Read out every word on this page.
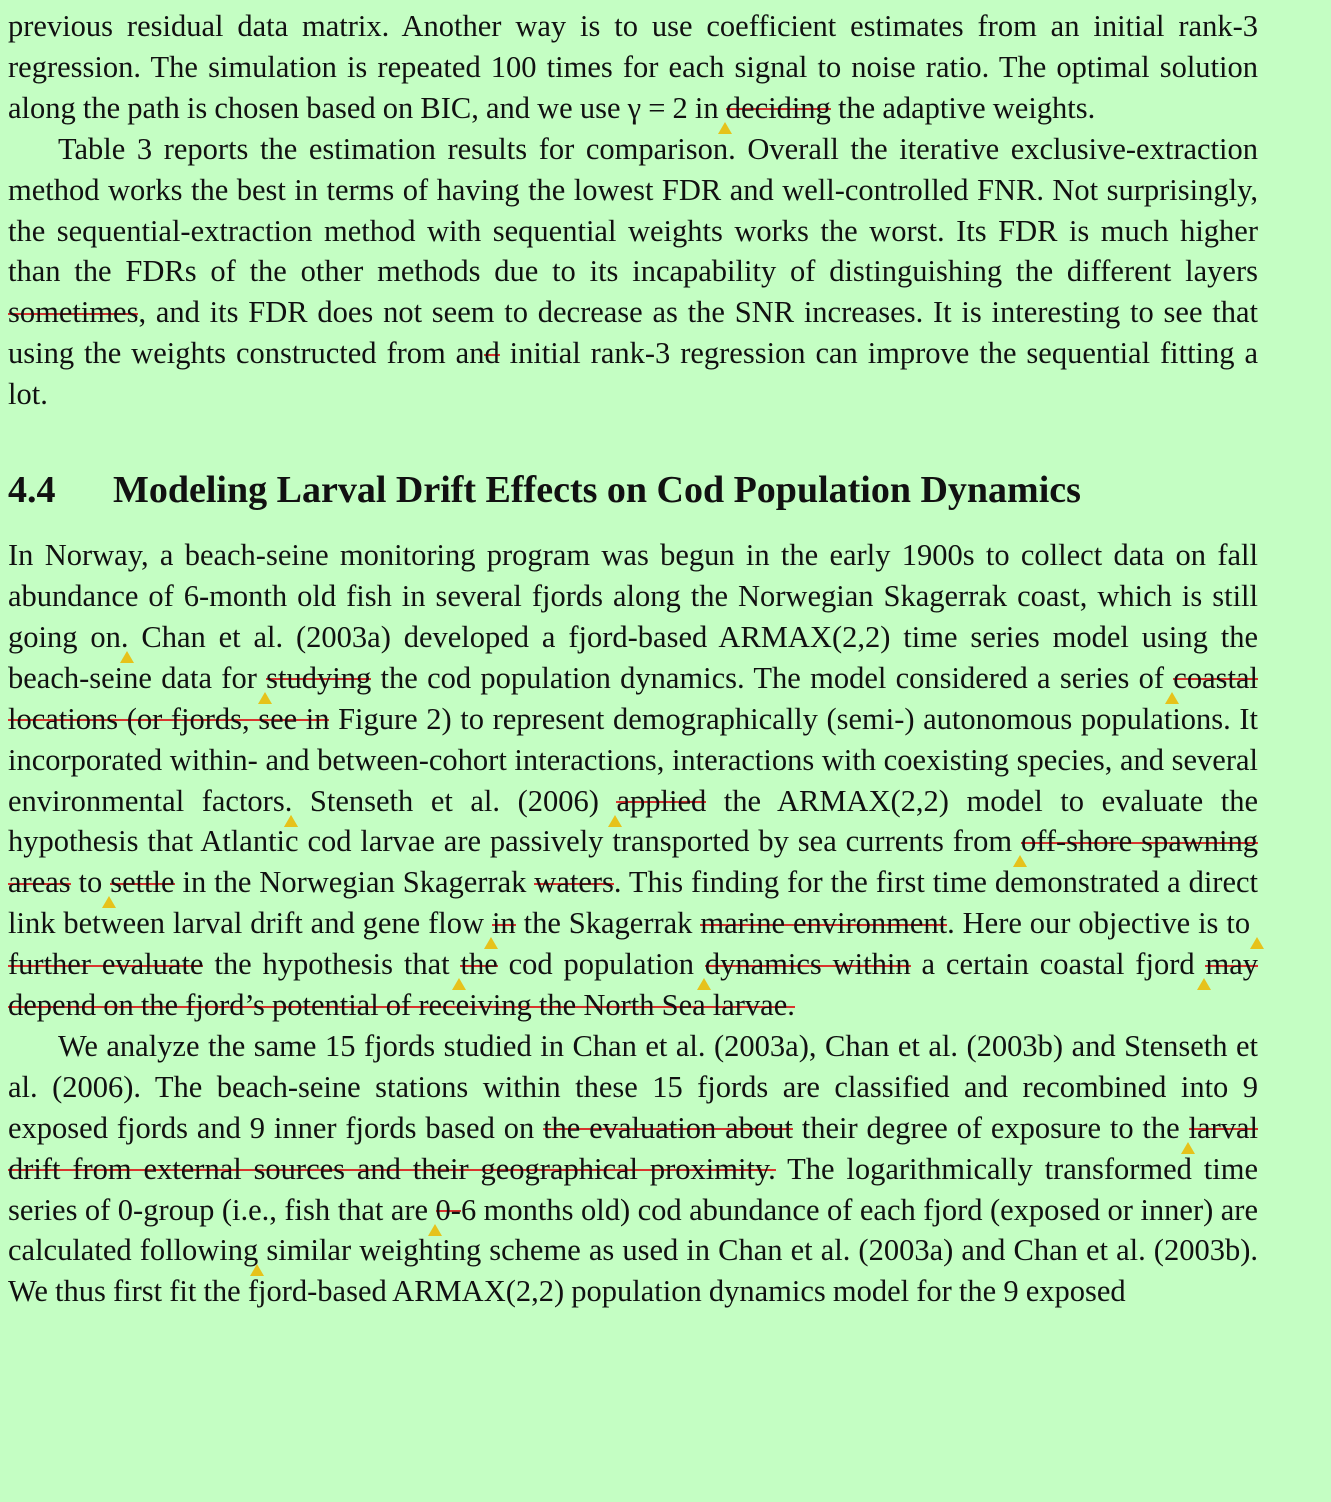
previous residual data matrix. Another way is to use coefficient estimates from an initial rank-3 regression. The simulation is repeated 100 times for each signal to noise ratio. The optimal solution along the path is chosen based on BIC, and we use γ = 2 in deciding the adaptive weights.

Table 3 reports the estimation results for comparison. Overall the iterative exclusive-extraction method works the best in terms of having the lowest FDR and well-controlled FNR. Not surprisingly, the sequential-extraction method with sequential weights works the worst. Its FDR is much higher than the FDRs of the other methods due to its incapability of distinguishing the different layers sometimes, and its FDR does not seem to decrease as the SNR increases. It is interesting to see that using the weights constructed from and initial rank-3 regression can improve the sequential fitting a lot.

4.4	Modeling Larval Drift Effects on Cod Population Dynamics

In Norway, a beach-seine monitoring program was begun in the early 1900s to collect data on fall abundance of 6-month old fish in several fjords along the Norwegian Skagerrak coast, which is still going on. Chan et al. (2003a) developed a fjord-based ARMAX(2,2) time series model using the beach-seine data for studying the cod population dynamics. The model considered a series of coastal locations (or fjords, see in Figure 2) to represent demographically (semi-) autonomous populations. It incorporated within- and between-cohort interactions, interactions with coexisting species, and several environmental factors. Stenseth et al. (2006) applied the ARMAX(2,2) model to evaluate the hypothesis that Atlantic cod larvae are passively transported by sea currents from off-shore spawning areas to settle in the Norwegian Skagerrak waters. This finding for the first time demonstrated a direct link between larval drift and gene flow in the Skagerrak marine environment. Here our objective is to further evaluate the hypothesis that the cod population dynamics within a certain coastal fjord may depend on the fjord’s potential of receiving the North Sea larvae.

We analyze the same 15 fjords studied in Chan et al. (2003a), Chan et al. (2003b) and Stenseth et al. (2006). The beach-seine stations within these 15 fjords are classified and recombined into 9 exposed fjords and 9 inner fjords based on the evaluation about their degree of exposure to the larval drift from external sources and their geographical proximity. The logarithmically transformed time series of 0-group (i.e., fish that are 0-6 months old) cod abundance of each fjord (exposed or inner) are calculated following similar weighting scheme as used in Chan et al. (2003a) and Chan et al. (2003b). We thus first fit the fjord-based ARMAX(2,2) population dynamics model for the 9 exposed
